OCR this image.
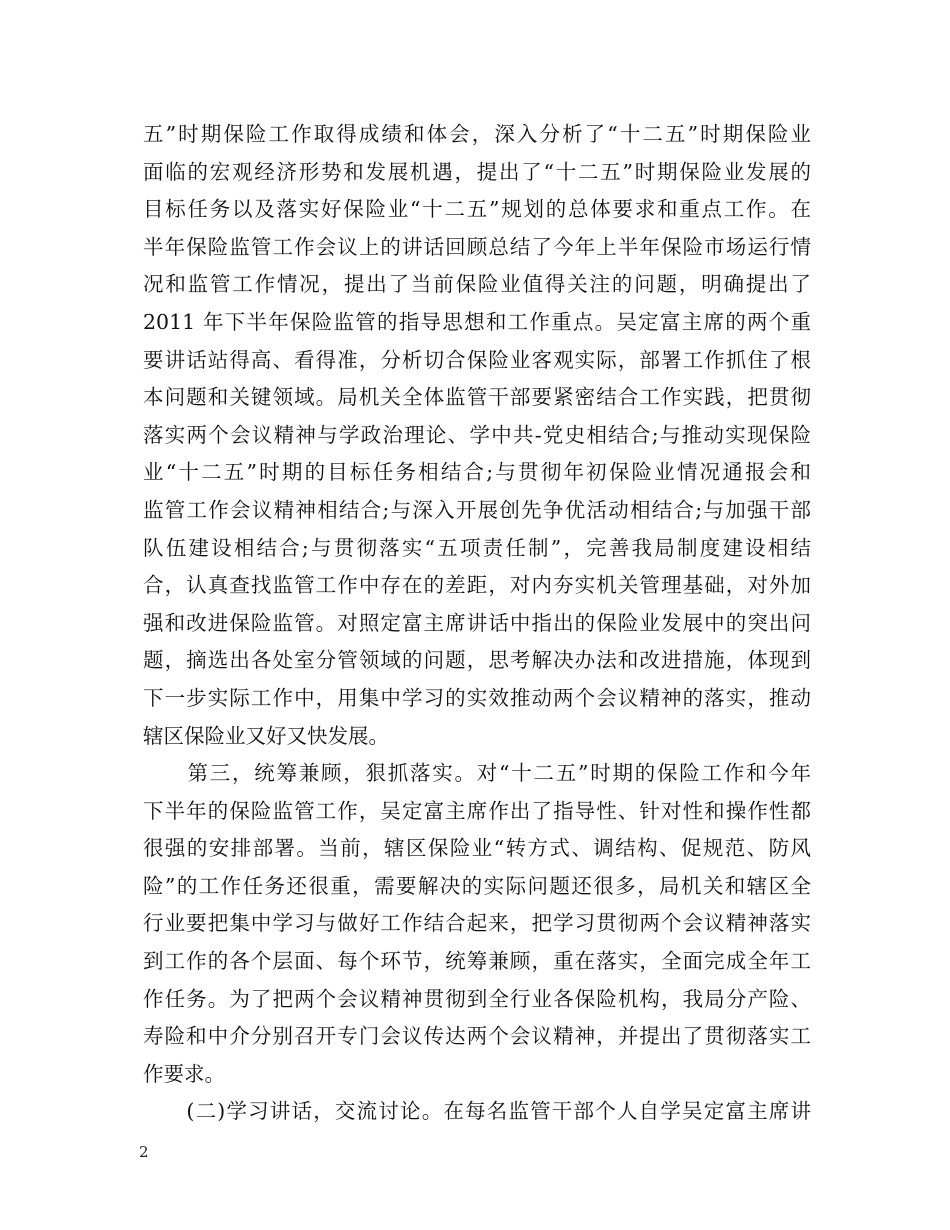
五”时期保险工作取得成绩和体会，深入分析了“十二五”时期保险业
面临的宏观经济形势和发展机遇，提出了“十二五”时期保险业发展的
目标任务以及落实好保险业“十二五”规划的总体要求和重点工作。在
半年保险监管工作会议上的讲话回顾总结了今年上半年保险市场运行情
况和监管工作情况，提出了当前保险业值得关注的问题，明确提出了
2011 年下半年保险监管的指导思想和工作重点。吴定富主席的两个重
要讲话站得高、看得准，分析切合保险业客观实际，部署工作抓住了根
本问题和关键领域。局机关全体监管干部要紧密结合工作实践，把贯彻
落实两个会议精神与学政治理论、学中共-党史相结合;与推动实现保险
业“十二五”时期的目标任务相结合;与贯彻年初保险业情况通报会和
监管工作会议精神相结合;与深入开展创先争优活动相结合;与加强干部
队伍建设相结合;与贯彻落实“五项责任制”，完善我局制度建设相结
合，认真查找监管工作中存在的差距，对内夯实机关管理基础，对外加
强和改进保险监管。对照定富主席讲话中指出的保险业发展中的突出问
题，摘选出各处室分管领域的问题，思考解决办法和改进措施，体现到
下一步实际工作中，用集中学习的实效推动两个会议精神的落实，推动
辖区保险业又好又快发展。
　　第三，统筹兼顾，狠抓落实。对“十二五”时期的保险工作和今年
下半年的保险监管工作，吴定富主席作出了指导性、针对性和操作性都
很强的安排部署。当前，辖区保险业“转方式、调结构、促规范、防风
险”的工作任务还很重，需要解决的实际问题还很多，局机关和辖区全
行业要把集中学习与做好工作结合起来，把学习贯彻两个会议精神落实
到工作的各个层面、每个环节，统筹兼顾，重在落实，全面完成全年工
作任务。为了把两个会议精神贯彻到全行业各保险机构，我局分产险、
寿险和中介分别召开专门会议传达两个会议精神，并提出了贯彻落实工
作要求。
　　(二)学习讲话，交流讨论。在每名监管干部个人自学吴定富主席讲
2
